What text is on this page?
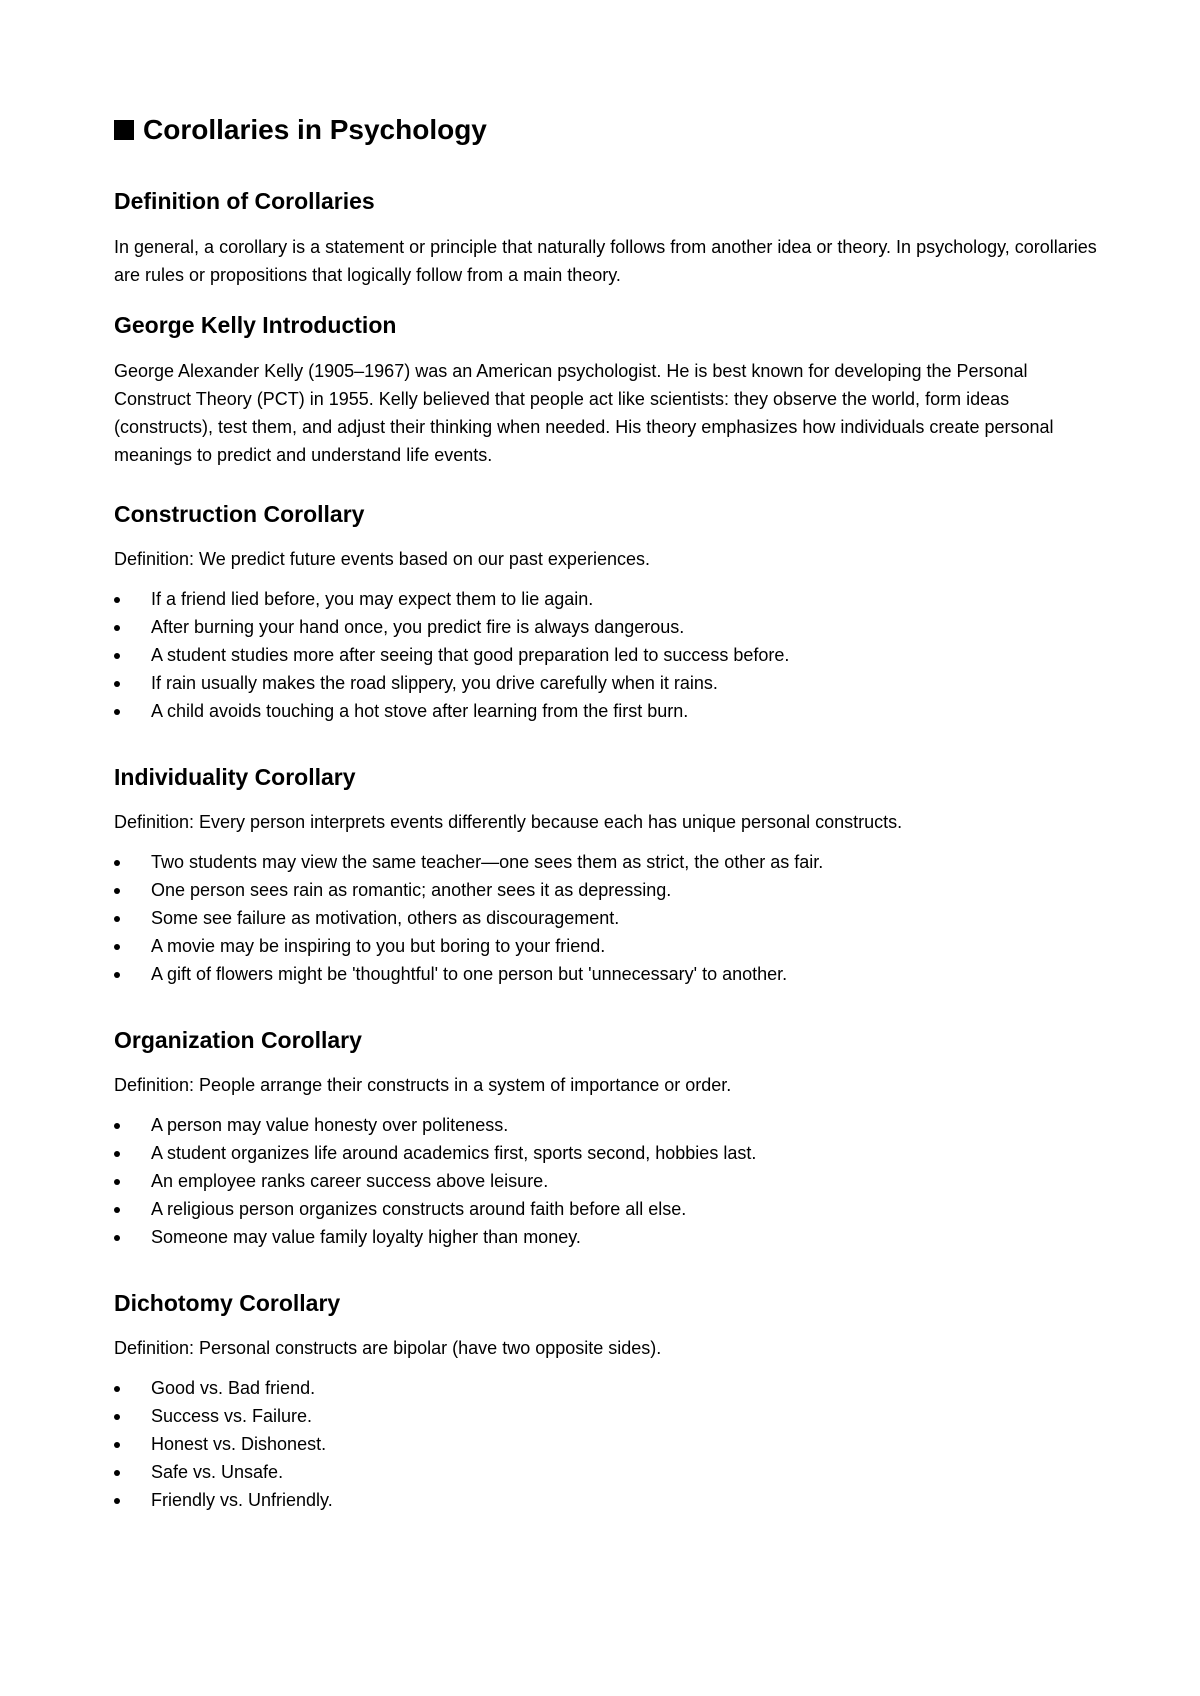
Corollaries in Psychology
Definition of Corollaries

In general, a corollary is a statement or principle that naturally follows from another idea or theory. In psychology, corollaries are rules or propositions that logically follow from a main theory.

George Kelly Introduction

George Alexander Kelly (1905–1967) was an American psychologist. He is best known for developing the Personal Construct Theory (PCT) in 1955. Kelly believed that people act like scientists: they observe the world, form ideas (constructs), test them, and adjust their thinking when needed. His theory emphasizes how individuals create personal meanings to predict and understand life events.

Construction Corollary

Definition: We predict future events based on our past experiences.

If a friend lied before, you may expect them to lie again.
After burning your hand once, you predict fire is always dangerous.
A student studies more after seeing that good preparation led to success before.
If rain usually makes the road slippery, you drive carefully when it rains.
A child avoids touching a hot stove after learning from the first burn.
Individuality Corollary

Definition: Every person interprets events differently because each has unique personal constructs.

Two students may view the same teacher—one sees them as strict, the other as fair.
One person sees rain as romantic; another sees it as depressing.
Some see failure as motivation, others as discouragement.
A movie may be inspiring to you but boring to your friend.
A gift of flowers might be 'thoughtful' to one person but 'unnecessary' to another.
Organization Corollary

Definition: People arrange their constructs in a system of importance or order.

A person may value honesty over politeness.
A student organizes life around academics first, sports second, hobbies last.
An employee ranks career success above leisure.
A religious person organizes constructs around faith before all else.
Someone may value family loyalty higher than money.
Dichotomy Corollary

Definition: Personal constructs are bipolar (have two opposite sides).

Good vs. Bad friend.
Success vs. Failure.
Honest vs. Dishonest.
Safe vs. Unsafe.
Friendly vs. Unfriendly.
